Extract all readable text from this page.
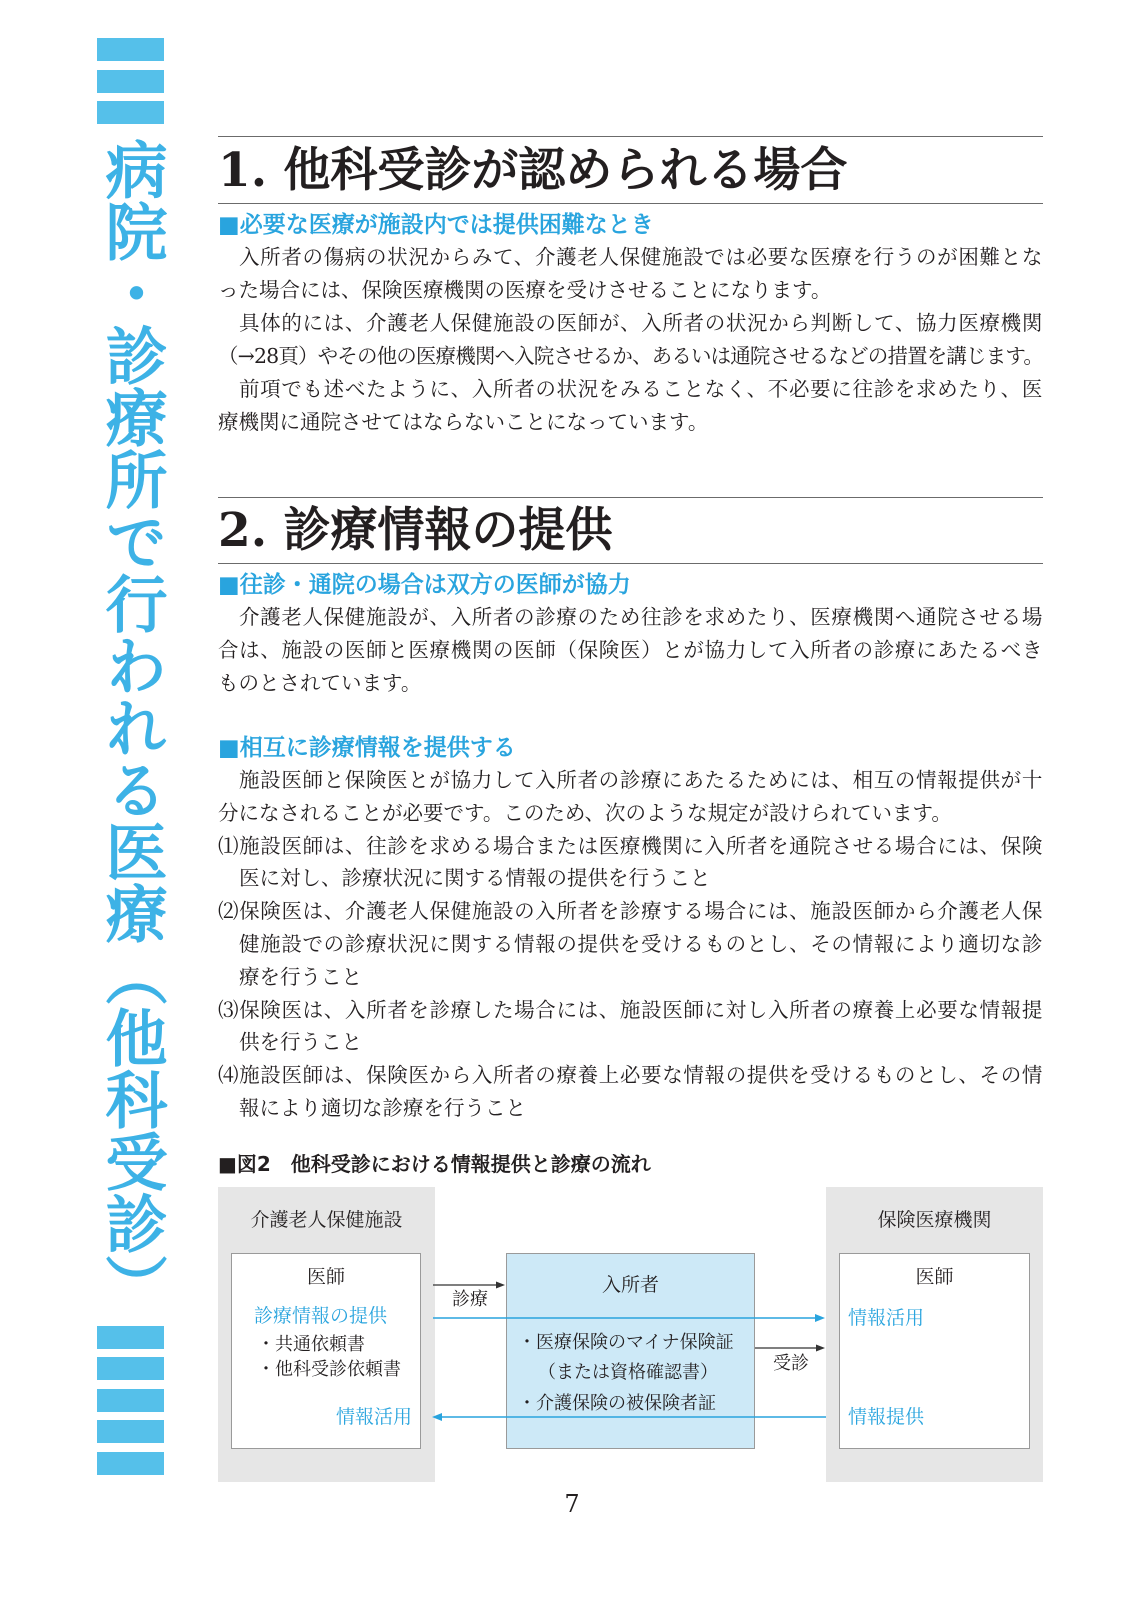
病院・診療所で行われる医療（他科受診） 1. 他科受診が認められる場合
■必要な医療が施設内では提供困難なとき
入所者の傷病の状況からみて、介護老人保健施設では必要な医療を行うのが困難とな
った場合には、保険医療機関の医療を受けさせることになります。
具体的には、介護老人保健施設の医師が、入所者の状況から判断して、協力医療機関
（→28頁）やその他の医療機関へ入院させるか、あるいは通院させるなどの措置を講じます。
前項でも述べたように、入所者の状況をみることなく、不必要に往診を求めたり、医
療機関に通院させてはならないことになっています。
2. 診療情報の提供
■往診・通院の場合は双方の医師が協力
介護老人保健施設が、入所者の診療のため往診を求めたり、医療機関へ通院させる場
合は、施設の医師と医療機関の医師（保険医）とが協力して入所者の診療にあたるべき
ものとされています。
■相互に診療情報を提供する
施設医師と保険医とが協力して入所者の診療にあたるためには、相互の情報提供が十
分になされることが必要です。このため、次のような規定が設けられています。
⑴施設医師は、往診を求める場合または医療機関に入所者を通院させる場合には、保険
医に対し、診療状況に関する情報の提供を行うこと
⑵保険医は、介護老人保健施設の入所者を診療する場合には、施設医師から介護老人保
健施設での診療状況に関する情報の提供を受けるものとし、その情報により適切な診
療を行うこと
⑶保険医は、入所者を診療した場合には、施設医師に対し入所者の療養上必要な情報提
供を行うこと
⑷施設医師は、保険医から入所者の療養上必要な情報の提供を受けるものとし、その情
報により適切な診療を行うこと
■図2　他科受診における情報提供と診療の流れ
介護老人保健施設	保険医療機関
医師
診療情報の提供
・共通依頼書
・他科受診依頼書
情報活用
入所者
・医療保険のマイナ保険証
（または資格確認書）
・介護保険の被保険者証
医師
情報活用
情報提供
診療
受診
7
